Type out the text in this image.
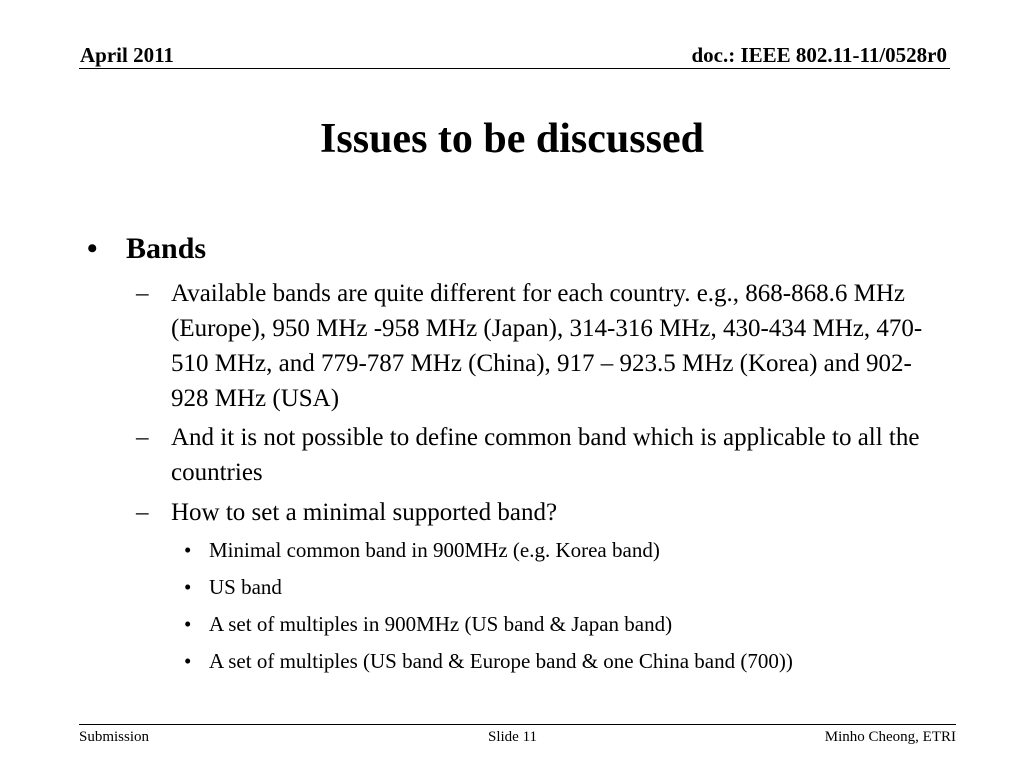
April 2011	doc.: IEEE 802.11-11/0528r0
Issues to be discussed
• Bands
– Available bands are quite different for each country. e.g., 868-868.6 MHz (Europe), 950 MHz -958 MHz (Japan), 314-316 MHz, 430-434 MHz, 470-510 MHz, and 779-787 MHz (China), 917 – 923.5 MHz (Korea) and 902-928 MHz (USA)
– And it is not possible to define common band which is applicable to all the countries
– How to set a minimal supported band?
• Minimal common band in 900MHz (e.g. Korea band)
• US band
• A set of multiples in 900MHz (US band & Japan band)
• A set of multiples (US band & Europe band & one China band (700))
Submission	Slide 11	Minho Cheong, ETRI
